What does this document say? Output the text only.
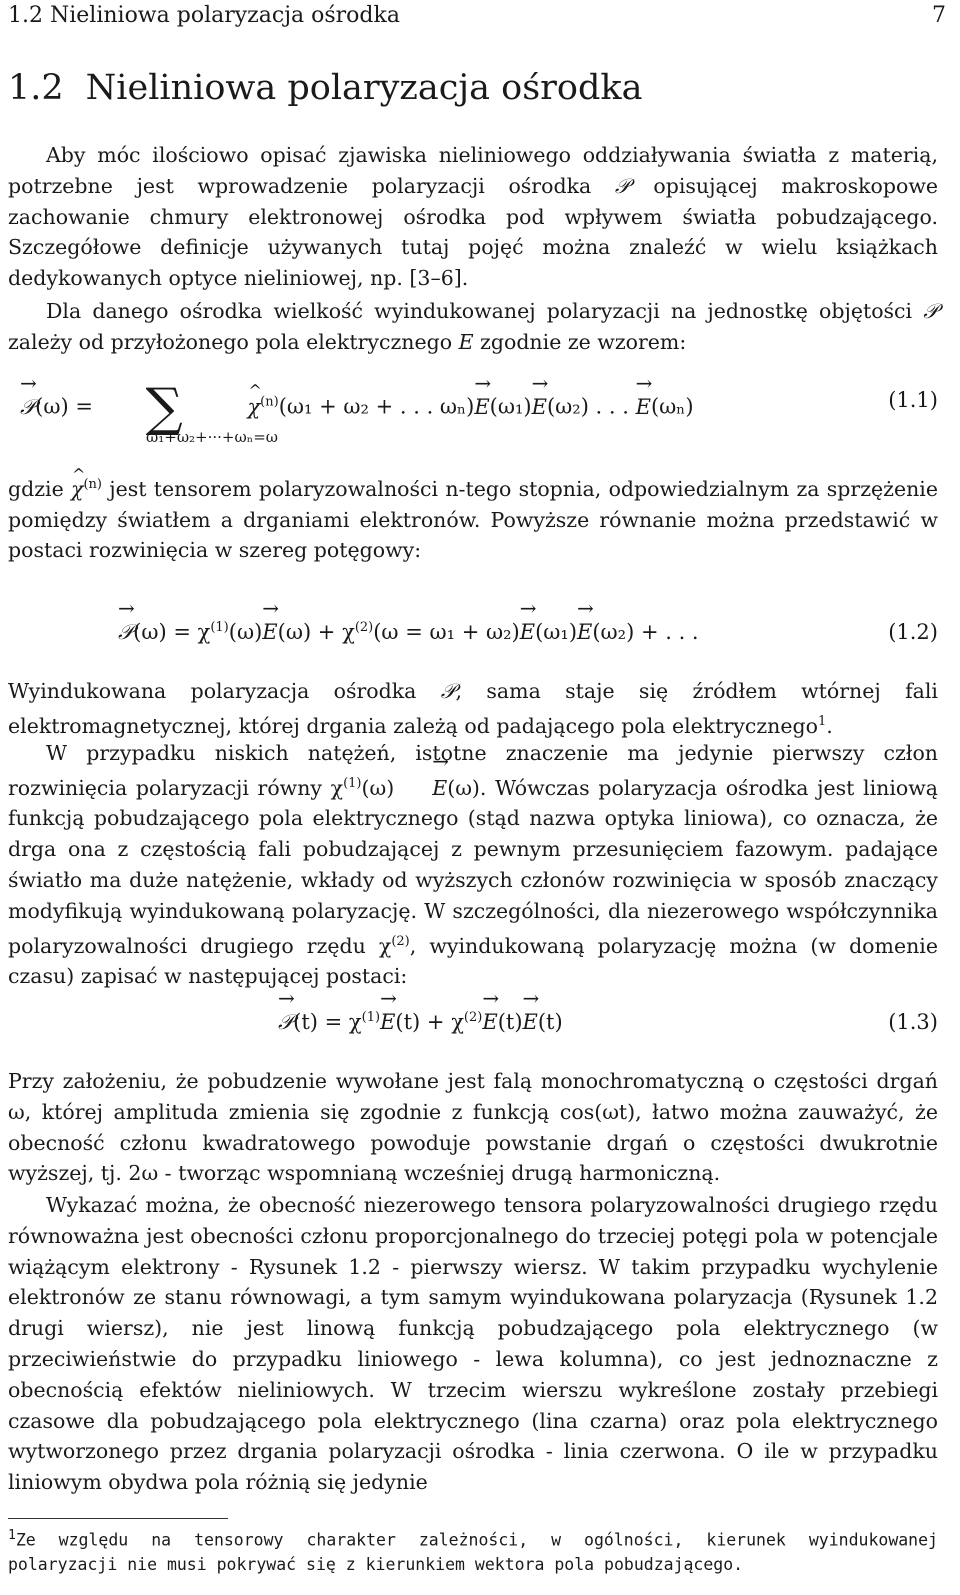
1.2 Nieliniowa polaryzacja ośrodka	7
1.2 Nieliniowa polaryzacja ośrodka
Aby móc ilościowo opisać zjawiska nieliniowego oddziaływania światła z materią, potrzebne jest wprowadzenie polaryzacji ośrodka 𝒫 opisującej makroskopowe zachowanie chmury elektronowej ośrodka pod wpływem światła pobudzającego. Szczegółowe definicje używanych tutaj pojęć można znaleźć w wielu książkach dedykowanych optyce nieliniowej, np. [3–6].
Dla danego ośrodka wielkość wyindukowanej polaryzacji na jednostkę objętości 𝒫 zależy od przyłożonego pola elektrycznego E zgodnie ze wzorem:
→ 𝒫(ω) = ∑	^ $\chi^{(n)}(\omega_1 + \omega_2$ + . . . ωₙ)→ E(ω₁)→ E(ω₂) . . . → E(ωₙ)
ω₁+ω₂+···+ωₙ=ω
(1.1)
gdzie ^ $\chi^{(n)}$ jest tensorem polaryzowalności n-tego stopnia, odpowiedzialnym za sprzężenie pomiędzy światłem a drganiami elektronów. Powyższe równanie można przedstawić w postaci rozwinięcia w szereg potęgowy:
→ 𝒫(ω) = $\chi^{(1)}(\omega)\to E(\omega) + \chi^{(2)}(\omega = \omega_1 + \omega_2)\to E(\omega_1)\to E(\omega_2)$ + . . .	(1.2)
Wyindukowana polaryzacja ośrodka 𝒫, sama staje się źródłem wtórnej fali elektromagnetycznej, której drgania zależą od padającego pola elektrycznego$^1$.
W przypadku niskich natężeń, istotne znaczenie ma jedynie pierwszy człon rozwinięcia polaryzacji równy $\chi^{(1)}(\omega) \to E(\omega)$. Wówczas polaryzacja ośrodka jest liniową funkcją pobudzającego pola elektrycznego (stąd nazwa optyka liniowa), co oznacza, że drga ona z częstością fali pobudzającej z pewnym przesunięciem fazowym. padające światło ma duże natężenie, wkłady od wyższych członów rozwinięcia w sposób znaczący modyfikują wyindukowaną polaryzację. W szczególności, dla niezerowego współczynnika polaryzowalności drugiego rzędu $\chi^{(2)}$, wyindukowaną polaryzację można (w domenie czasu) zapisać w następującej postaci:
→ 𝒫(t) = $\chi^{(1)}\to E(t) + \chi^{(2)}\to E(t)\to E(t)$	(1.3)
Przy założeniu, że pobudzenie wywołane jest falą monochromatyczną o częstości drgań ω, której amplituda zmienia się zgodnie z funkcją cos(ωt), łatwo można zauważyć, że obecność członu kwadratowego powoduje powstanie drgań o częstości dwukrotnie wyższej, tj. 2ω - tworząc wspomnianą wcześniej drugą harmoniczną.
Wykazać można, że obecność niezerowego tensora polaryzowalności drugiego rzędu równoważna jest obecności członu proporcjonalnego do trzeciej potęgi pola w potencjale wiążącym elektrony - Rysunek 1.2 - pierwszy wiersz. W takim przypadku wychylenie elektronów ze stanu równowagi, a tym samym wyindukowana polaryzacja (Rysunek 1.2 drugi wiersz), nie jest linową funkcją pobudzającego pola elektrycznego (w przeciwieństwie do przypadku liniowego - lewa kolumna), co jest jednoznaczne z obecnością efektów nieliniowych. W trzecim wierszu wykreślone zostały przebiegi czasowe dla pobudzającego pola elektrycznego (lina czarna) oraz pola elektrycznego wytworzonego przez drgania polaryzacji ośrodka - linia czerwona. O ile w przypadku liniowym obydwa pola różnią się jedynie
$^1$Ze względu na tensorowy charakter zależności, w ogólności, kierunek wyindukowanej polaryzacji nie musi pokrywać się z kierunkiem wektora pola pobudzającego.
